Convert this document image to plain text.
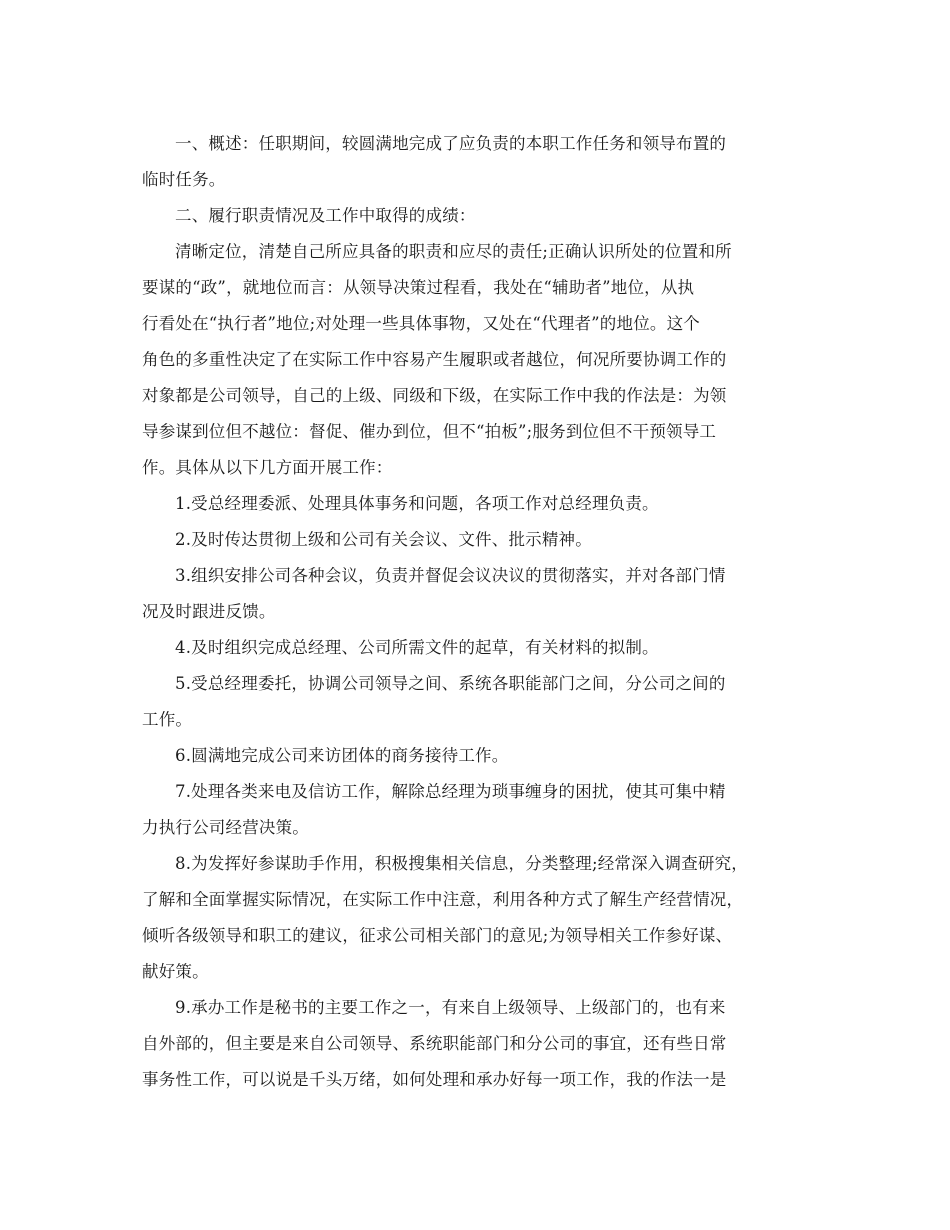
一、概述：任职期间，较圆满地完成了应负责的本职工作任务和领导布置的
临时任务。
二、履行职责情况及工作中取得的成绩：
清晰定位，清楚自己所应具备的职责和应尽的责任;正确认识所处的位置和所
要谋的“政”，就地位而言：从领导决策过程看，我处在“辅助者”地位，从执
行看处在“执行者”地位;对处理一些具体事物，又处在“代理者”的地位。这个
角色的多重性决定了在实际工作中容易产生履职或者越位，何况所要协调工作的
对象都是公司领导，自己的上级、同级和下级，在实际工作中我的作法是：为领
导参谋到位但不越位：督促、催办到位，但不“拍板”;服务到位但不干预领导工
作。具体从以下几方面开展工作：
1.受总经理委派、处理具体事务和问题，各项工作对总经理负责。
2.及时传达贯彻上级和公司有关会议、文件、批示精神。
3.组织安排公司各种会议，负责并督促会议决议的贯彻落实，并对各部门情
况及时跟进反馈。
4.及时组织完成总经理、公司所需文件的起草，有关材料的拟制。
5.受总经理委托，协调公司领导之间、系统各职能部门之间，分公司之间的
工作。
6.圆满地完成公司来访团体的商务接待工作。
7.处理各类来电及信访工作，解除总经理为琐事缠身的困扰，使其可集中精
力执行公司经营决策。
8.为发挥好参谋助手作用，积极搜集相关信息，分类整理;经常深入调查研究，
了解和全面掌握实际情况，在实际工作中注意，利用各种方式了解生产经营情况，
倾听各级领导和职工的建议，征求公司相关部门的意见;为领导相关工作参好谋、
献好策。
9.承办工作是秘书的主要工作之一，有来自上级领导、上级部门的，也有来
自外部的，但主要是来自公司领导、系统职能部门和分公司的事宜，还有些日常
事务性工作，可以说是千头万绪，如何处理和承办好每一项工作，我的作法一是
